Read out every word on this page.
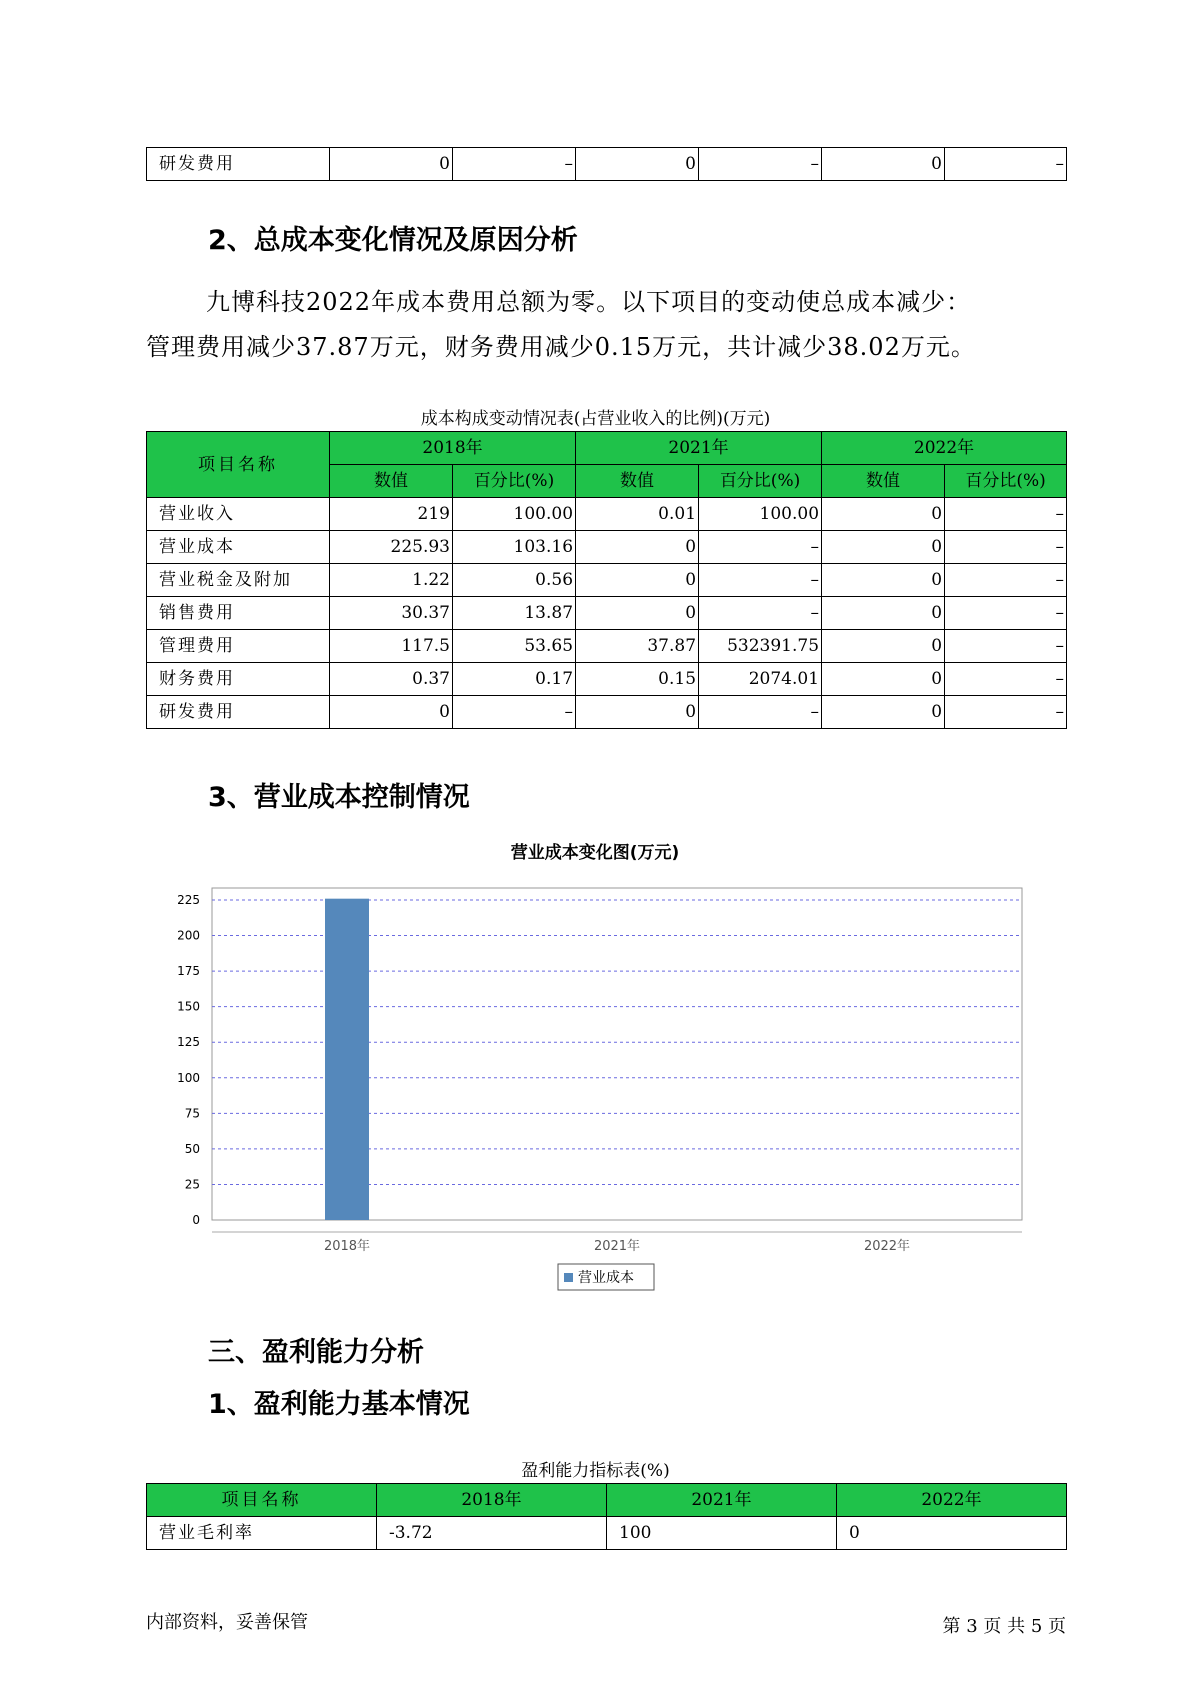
研发费用	0	–	0	–	0	–
2、总成本变化情况及原因分析
九博科技2022年成本费用总额为零。以下项目的变动使总成本减少：
管理费用减少37.87万元，财务费用减少0.15万元，共计减少38.02万元。
成本构成变动情况表(占营业收入的比例)(万元)
项目名称	2018年		2021年		2022年	
	数值	百分比(%)	数值	百分比(%)	数值	百分比(%)
营业收入	219	100.00	0.01	100.00	0	–
营业成本	225.93	103.16	0	–	0	–
营业税金及附加	1.22	0.56	0	–	0	–
销售费用	30.37	13.87	0	–	0	–
管理费用	117.5	53.65	37.87	532391.75	0	–
财务费用	0.37	0.17	0.15	2074.01	0	–
研发费用	0	–	0	–	0	–
3、营业成本控制情况
营业成本变化图(万元)
0
25
50
75
100
125
150
175
200
225
2018年	2021年	2022年
营业成本
三、盈利能力分析
1、盈利能力基本情况
盈利能力指标表(%)
项目名称	2018年	2021年	2022年
营业毛利率	-3.72	100	0
内部资料，妥善保管	第 3 页 共 5 页
